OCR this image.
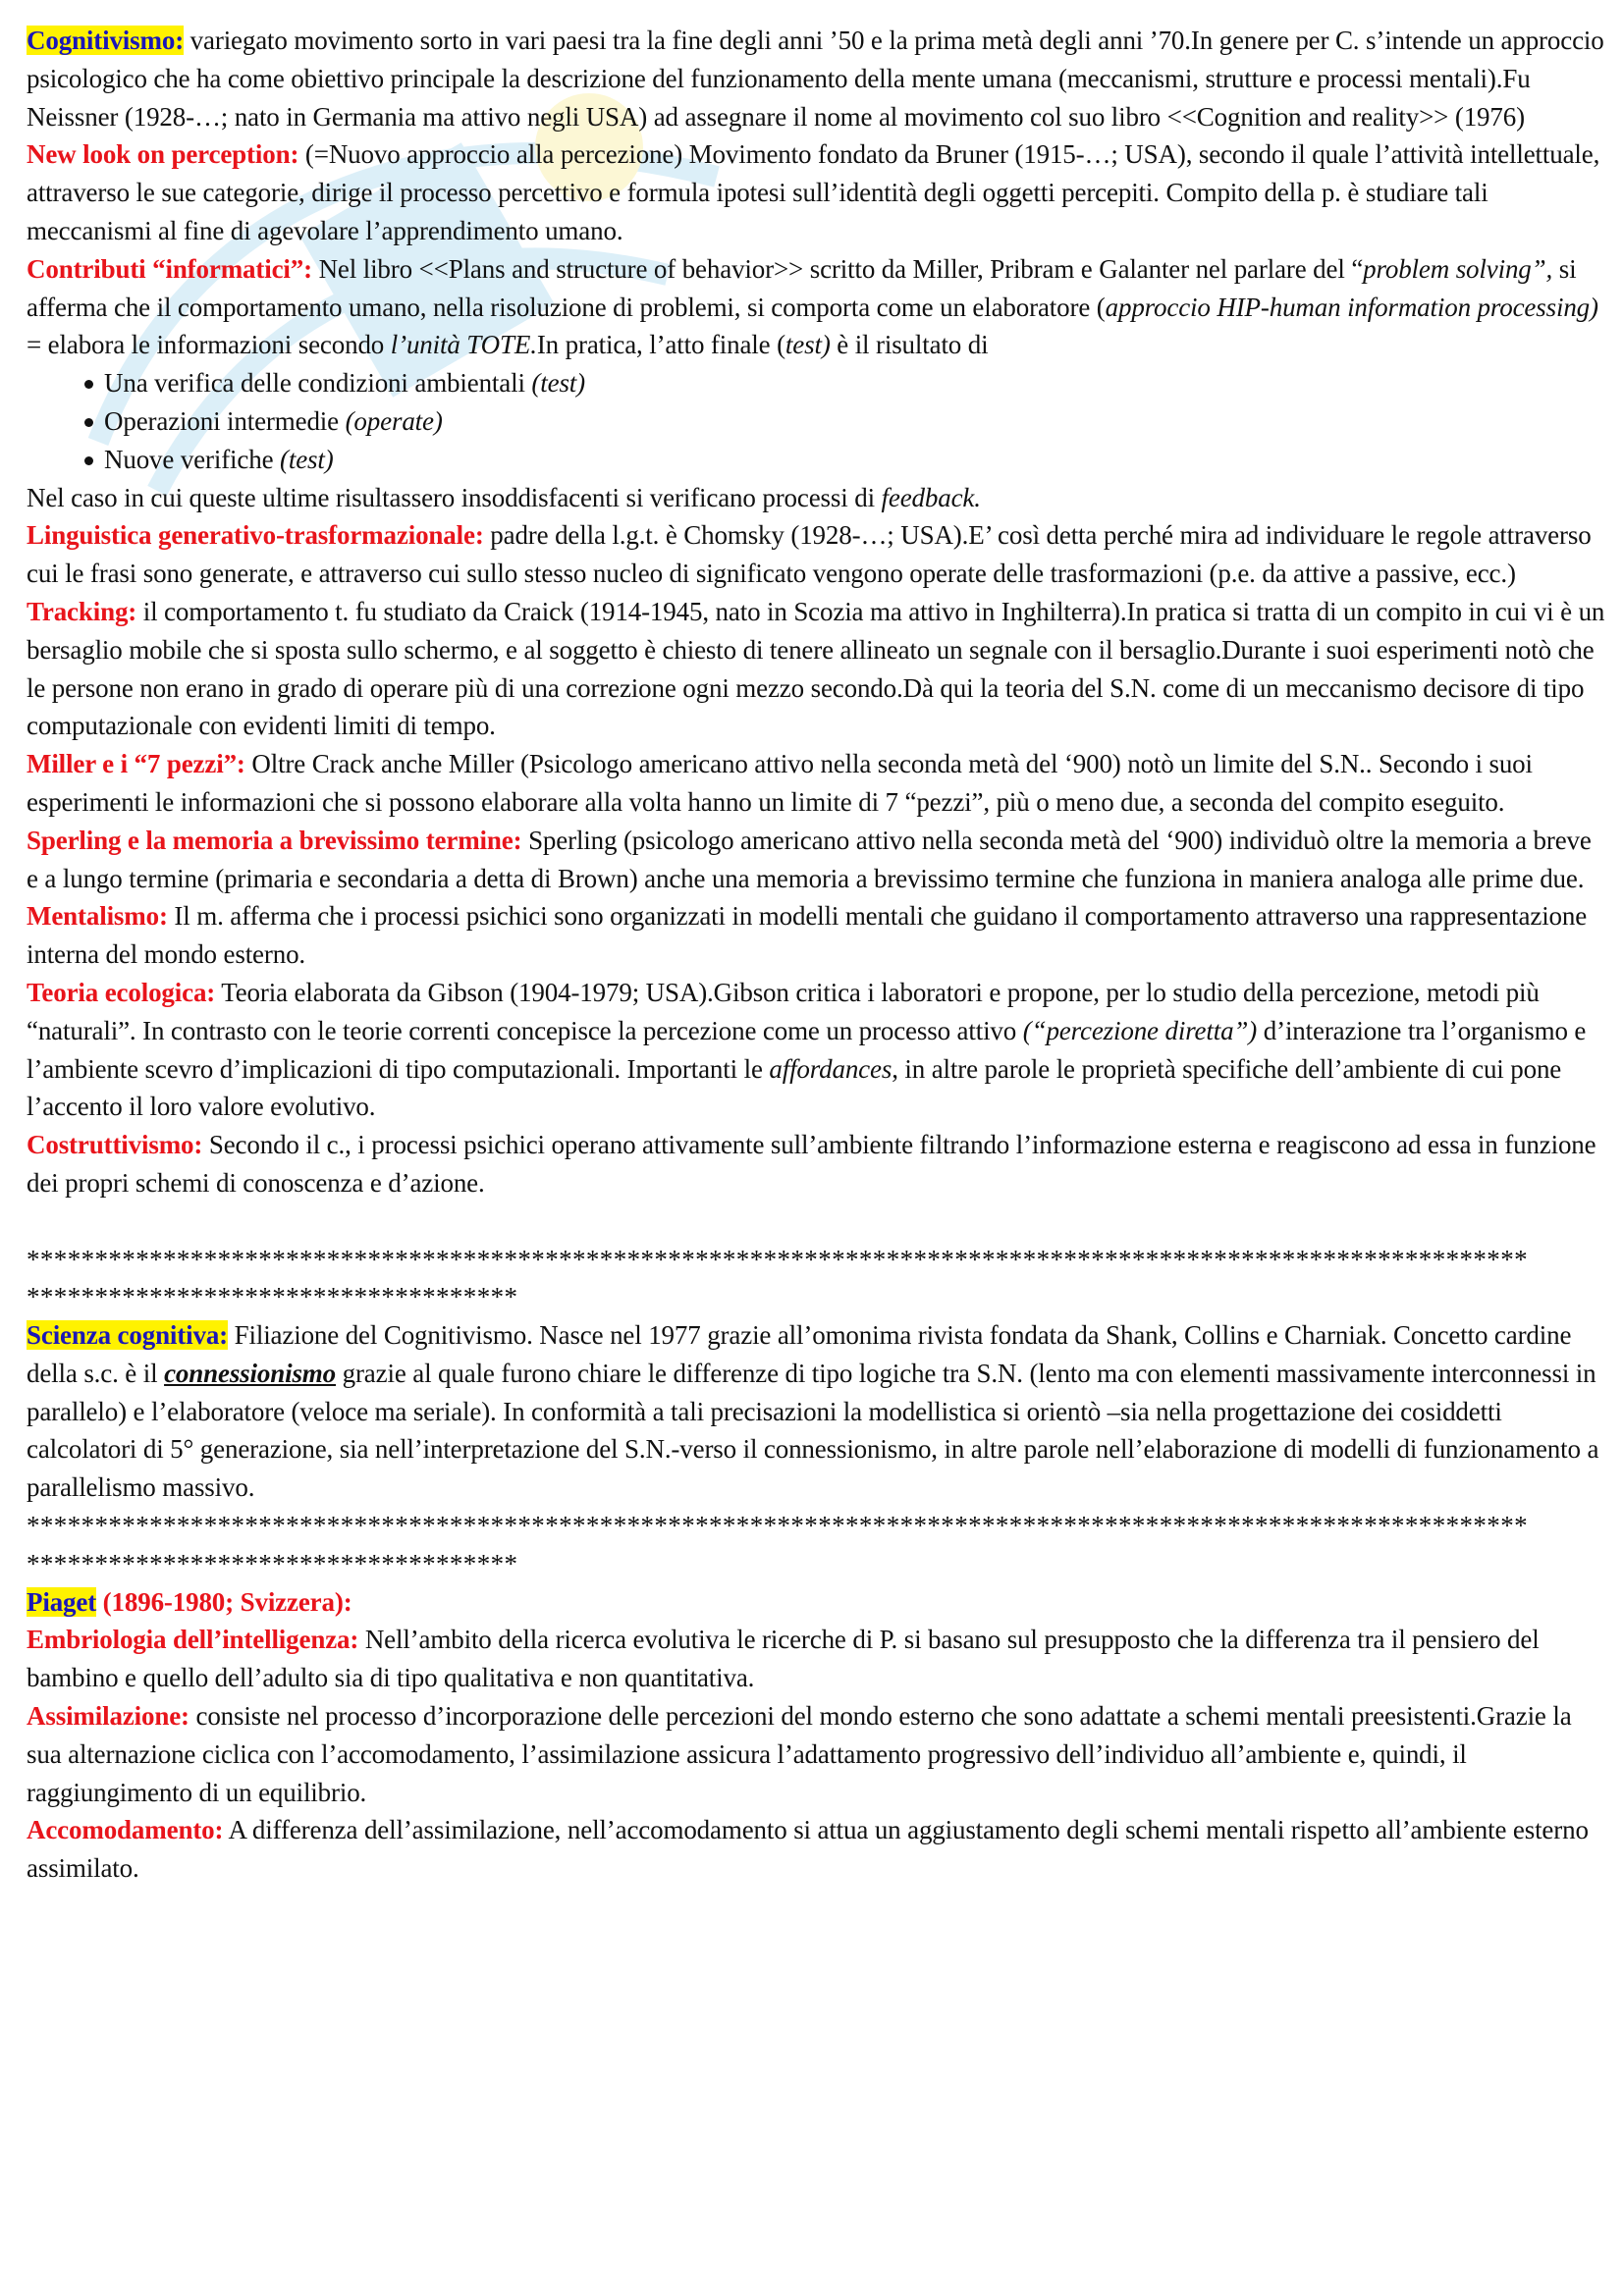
Cognitivismo: variegato movimento sorto in vari paesi tra la fine degli anni ’50 e la prima metà degli anni ’70.In genere per C. s’intende un approccio psicologico che ha come obiettivo principale la descrizione del funzionamento della mente umana (meccanismi, strutture e processi mentali).Fu Neissner (1928-…; nato in Germania ma attivo negli USA) ad assegnare il nome al movimento col suo libro <<Cognition and reality>> (1976)

New look on perception: (=Nuovo approccio alla percezione) Movimento fondato da Bruner (1915-…; USA), secondo il quale l’attività intellettuale, attraverso le sue categorie, dirige il processo percettivo e formula ipotesi sull’identità degli oggetti percepiti. Compito della p. è studiare tali meccanismi al fine di agevolare l’apprendimento umano.

Contributi “informatici”: Nel libro <<Plans and structure of behavior>> scritto da Miller, Pribram e Galanter nel parlare del “problem solving”, si afferma che il comportamento umano, nella risoluzione di problemi, si comporta come un elaboratore (approccio HIP-human information processing) = elabora le informazioni secondo l’unità TOTE.In pratica, l’atto finale (test) è il risultato di

Una verifica delle condizioni ambientali (test)
Operazioni intermedie (operate)
Nuove verifiche (test)

Nel caso in cui queste ultime risultassero insoddisfacenti si verificano processi di feedback.

Linguistica generativo-trasformazionale: padre della l.g.t. è Chomsky (1928-…; USA).E’ così detta perché mira ad individuare le regole attraverso cui le frasi sono generate, e attraverso cui sullo stesso nucleo di significato vengono operate delle trasformazioni (p.e. da attive a passive, ecc.)

Tracking: il comportamento t. fu studiato da Craick (1914-1945, nato in Scozia ma attivo in Inghilterra).In pratica si tratta di un compito in cui vi è un bersaglio mobile che si sposta sullo schermo, e al soggetto è chiesto di tenere allineato un segnale con il bersaglio.Durante i suoi esperimenti notò che le persone non erano in grado di operare più di una correzione ogni mezzo secondo.Dà qui la teoria del S.N. come di un meccanismo decisore di tipo computazionale con evidenti limiti di tempo.

Miller e i “7 pezzi”: Oltre Crack anche Miller (Psicologo americano attivo nella seconda metà del ‘900) notò un limite del S.N.. Secondo i suoi esperimenti le informazioni che si possono elaborare alla volta hanno un limite di 7 “pezzi”, più o meno due, a seconda del compito eseguito.

Sperling e la memoria a brevissimo termine: Sperling (psicologo americano attivo nella seconda metà del ‘900) individuò oltre la memoria a breve e a lungo termine (primaria e secondaria a detta di Brown) anche una memoria a brevissimo termine che funziona in maniera analoga alle prime due.

Mentalismo: Il m. afferma che i processi psichici sono organizzati in modelli mentali che guidano il comportamento attraverso una rappresentazione interna del mondo esterno.

Teoria ecologica: Teoria elaborata da Gibson (1904-1979; USA).Gibson critica i laboratori e propone, per lo studio della percezione, metodi più “naturali”. In contrasto con le teorie correnti concepisce la percezione come un processo attivo (“percezione diretta”) d’interazione tra l’organismo e l’ambiente scevro d’implicazioni di tipo computazionali. Importanti le affordances, in altre parole le proprietà specifiche dell’ambiente di cui pone l’accento il loro valore evolutivo.

Costruttivismo: Secondo il c., i processi psichici operano attivamente sull’ambiente filtrando l’informazione esterna e reagiscono ad essa in funzione dei propri schemi di conoscenza e d’azione.

**************************************************************************************************************

************************************

Scienza cognitiva: Filiazione del Cognitivismo. Nasce nel 1977 grazie all’omonima rivista fondata da Shank, Collins e Charniak. Concetto cardine della s.c. è il connessionismo grazie al quale furono chiare le differenze di tipo logiche tra S.N. (lento ma con elementi massivamente interconnessi in parallelo) e l’elaboratore (veloce ma seriale). In conformità a tali precisazioni la modellistica si orientò –sia nella progettazione dei cosiddetti calcolatori di 5° generazione, sia nell’interpretazione del S.N.-verso il connessionismo, in altre parole nell’elaborazione di modelli di funzionamento a parallelismo massivo.

**************************************************************************************************************

************************************

Piaget (1896-1980; Svizzera):

Embriologia dell’intelligenza: Nell’ambito della ricerca evolutiva le ricerche di P. si basano sul presupposto che la differenza tra il pensiero del bambino e quello dell’adulto sia di tipo qualitativa e non quantitativa.

Assimilazione: consiste nel processo d’incorporazione delle percezioni del mondo esterno che sono adattate a schemi mentali preesistenti.Grazie la sua alternazione ciclica con l’accomodamento, l’assimilazione assicura l’adattamento progressivo dell’individuo all’ambiente e, quindi, il raggiungimento di un equilibrio.

Accomodamento: A differenza dell’assimilazione, nell’accomodamento si attua un aggiustamento degli schemi mentali rispetto all’ambiente esterno assimilato.
